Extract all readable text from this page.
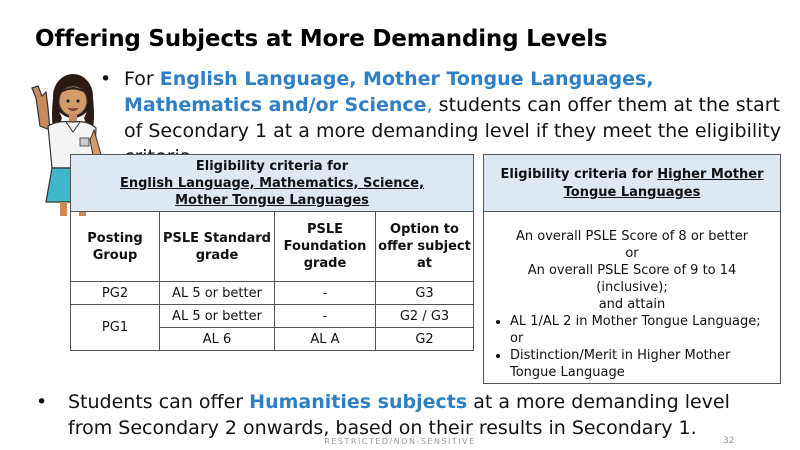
Offering Subjects at More Demanding Levels
• For English Language, Mother Tongue Languages, Mathematics and/or Science, students can offer them at the start of Secondary 1 at a more demanding level if they meet the eligibility
Eligibility criteria for
English Language, Mathematics, Science,
Mother Tongue Languages			
Posting Group	PSLE Standard grade	PSLE Foundation grade	Option to offer subject at
PG2	AL 5 or better	-	G3
PG1	AL 5 or better	-	G2 / G3
	AL 6	AL A	G2
Eligibility criteria for Higher Mother Tongue Languages
An overall PSLE Score of 8 or better
or
An overall PSLE Score of 9 to 14 (inclusive);
and attain
• AL 1/AL 2 in Mother Tongue Language;
or
• Distinction/Merit in Higher Mother Tongue Language
• Students can offer Humanities subjects at a more demanding level from Secondary 2 onwards, based on their results in Secondary 1.
RESTRICTED/NON-SENSITIVE	32
